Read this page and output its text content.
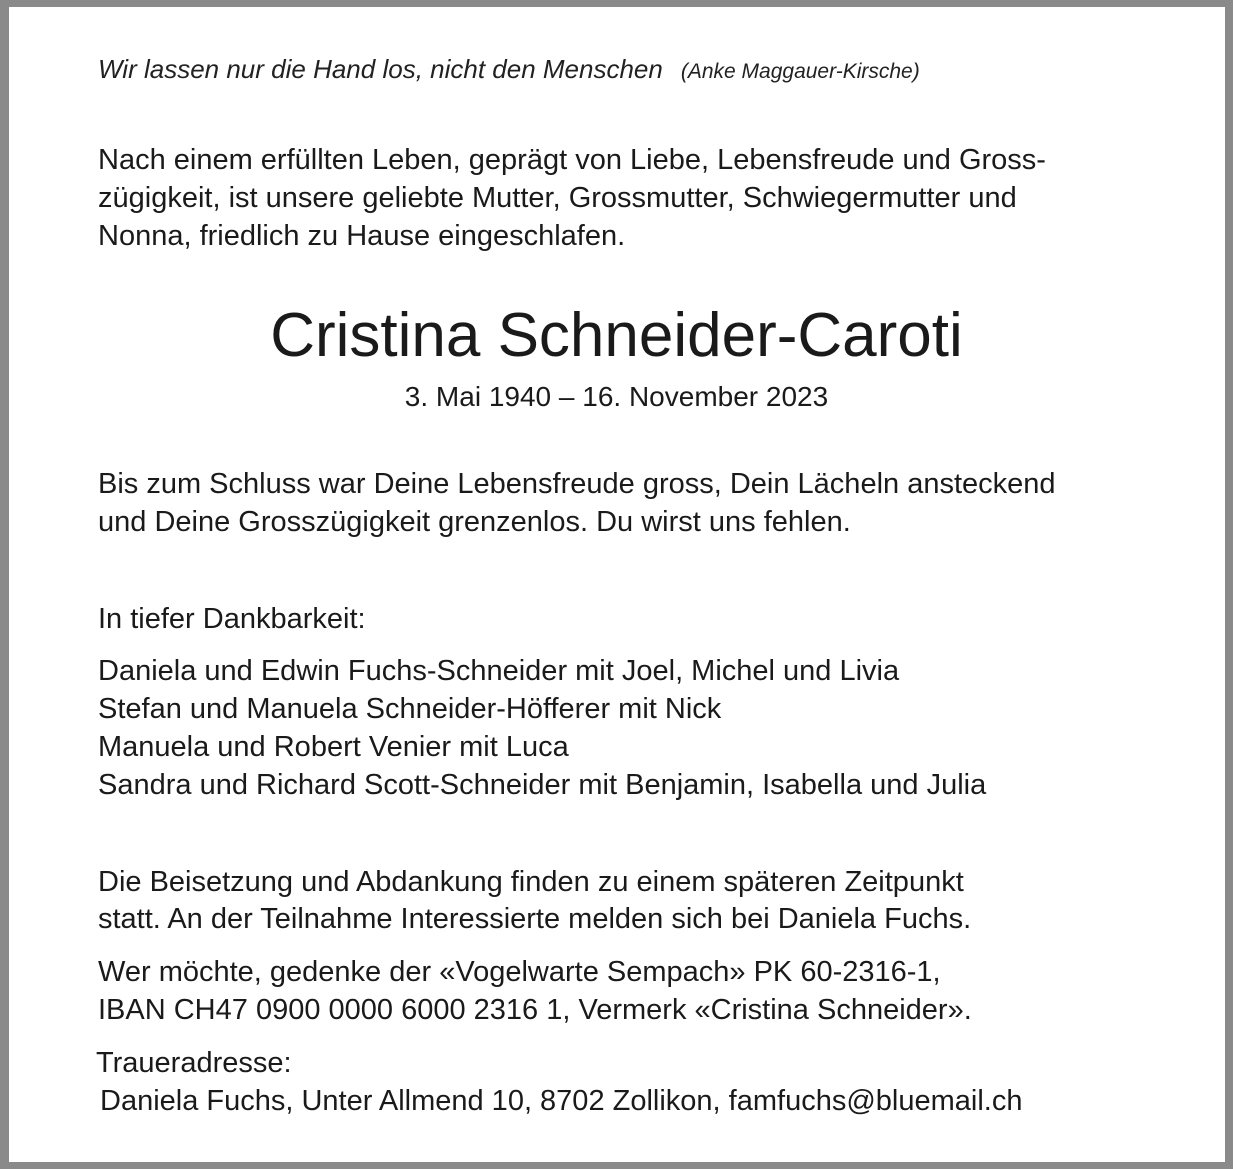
Wir lassen nur die Hand los, nicht den Menschen (Anke Maggauer-Kirsche)

Nach einem erfüllten Leben, geprägt von Liebe, Lebensfreude und Gross-

zügigkeit, ist unsere geliebte Mutter, Grossmutter, Schwiegermutter und

Nonna, friedlich zu Hause eingeschlafen.

Cristina Schneider-Caroti

3. Mai 1940 – 16. November 2023

Bis zum Schluss war Deine Lebensfreude gross, Dein Lächeln ansteckend

und Deine Grosszügigkeit grenzenlos. Du wirst uns fehlen.

In tiefer Dankbarkeit:

Daniela und Edwin Fuchs-Schneider mit Joel, Michel und Livia

Stefan und Manuela Schneider-Höfferer mit Nick

Manuela und Robert Venier mit Luca

Sandra und Richard Scott-Schneider mit Benjamin, Isabella und Julia

Die Beisetzung und Abdankung finden zu einem späteren Zeitpunkt

statt. An der Teilnahme Interessierte melden sich bei Daniela Fuchs.

Wer möchte, gedenke der «Vogelwarte Sempach» PK 60-2316-1,

IBAN CH47 0900 0000 6000 2316 1, Vermerk «Cristina Schneider».

Traueradresse:

Daniela Fuchs, Unter Allmend 10, 8702 Zollikon, famfuchs@bluemail.ch
